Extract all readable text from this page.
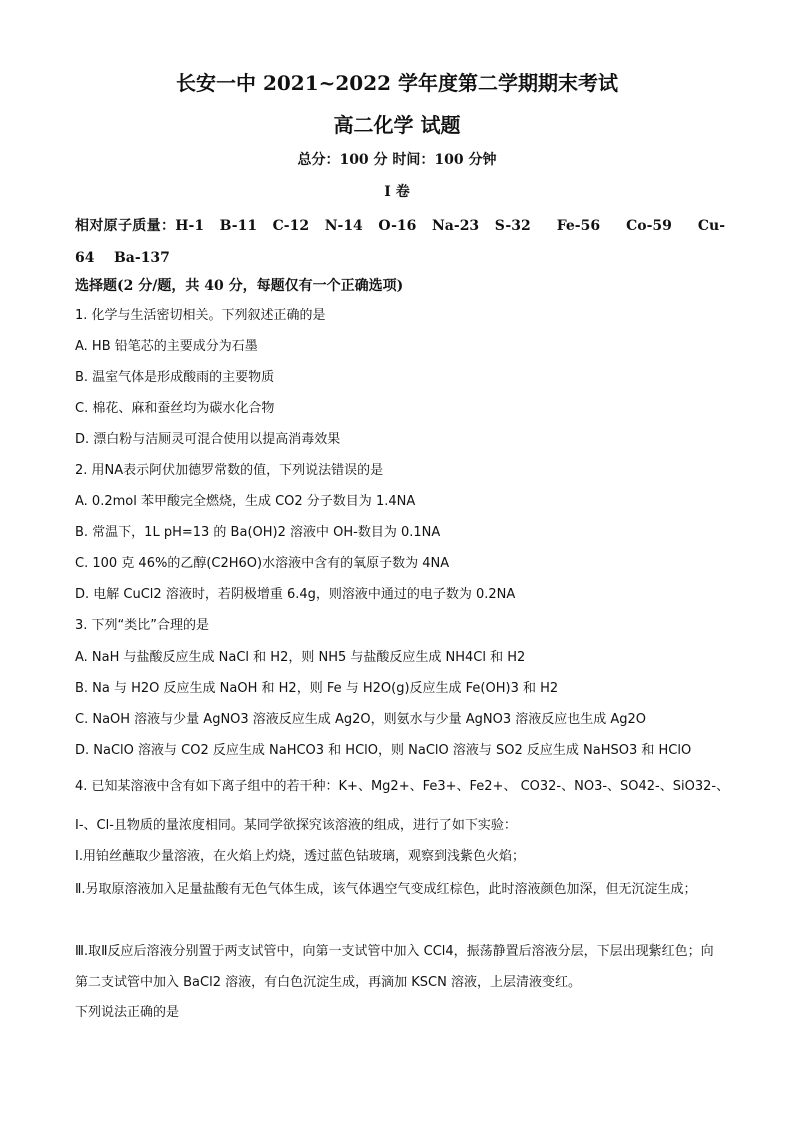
长安一中 2021~2022 学年度第二学期期末考试
高二化学 试题

总分：100 分 时间：100 分钟

I 卷

相对原子质量：H-1   B-11   C-12   N-14   O-16   Na-23   S-32     Fe-56     Co-59     Cu-64    Ba-137

选择题(2 分/题，共 40 分，每题仅有一个正确选项)

1. 化学与生活密切相关。下列叙述正确的是

A. HB 铅笔芯的主要成分为石墨

B. 温室气体是形成酸雨的主要物质

C. 棉花、麻和蚕丝均为碳水化合物

D. 漂白粉与洁厕灵可混合使用以提高消毒效果

2. 用NA表示阿伏加德罗常数的值，下列说法错误的是

A. 0.2mol 苯甲酸完全燃烧，生成 CO2 分子数目为 1.4NA

B. 常温下，1L pH=13 的 Ba(OH)2 溶液中 OH-数目为 0.1NA

C. 100 克 46%的乙醇(C2H6O)水溶液中含有的氧原子数为 4NA

D. 电解 CuCl2 溶液时，若阴极增重 6.4g，则溶液中通过的电子数为 0.2NA

3. 下列“类比”合理的是

A. NaH 与盐酸反应生成 NaCl 和 H2，则 NH5 与盐酸反应生成 NH4Cl 和 H2

B. Na 与 H2O 反应生成 NaOH 和 H2，则 Fe 与 H2O(g)反应生成 Fe(OH)3 和 H2

C. NaOH 溶液与少量 AgNO3 溶液反应生成 Ag2O，则氨水与少量 AgNO3 溶液反应也生成 Ag2O

D. NaClO 溶液与 CO2 反应生成 NaHCO3 和 HClO，则 NaClO 溶液与 SO2 反应生成 NaHSO3 和 HClO

4. 已知某溶液中含有如下离子组中的若干种：K+、Mg2+、Fe3+、Fe2+、 CO32-、NO3-、SO42-、SiO32-、

I-、Cl-且物质的量浓度相同。某同学欲探究该溶液的组成，进行了如下实验：

Ⅰ.用铂丝蘸取少量溶液，在火焰上灼烧，透过蓝色钴玻璃，观察到浅紫色火焰；

Ⅱ.另取原溶液加入足量盐酸有无色气体生成，该气体遇空气变成红棕色，此时溶液颜色加深，但无沉淀生成；

Ⅲ.取Ⅱ反应后溶液分别置于两支试管中，向第一支试管中加入 CCl4，振荡静置后溶液分层，下层出现紫红色；向第二支试管中加入 BaCl2 溶液，有白色沉淀生成，再滴加 KSCN 溶液，上层清液变红。

下列说法正确的是
